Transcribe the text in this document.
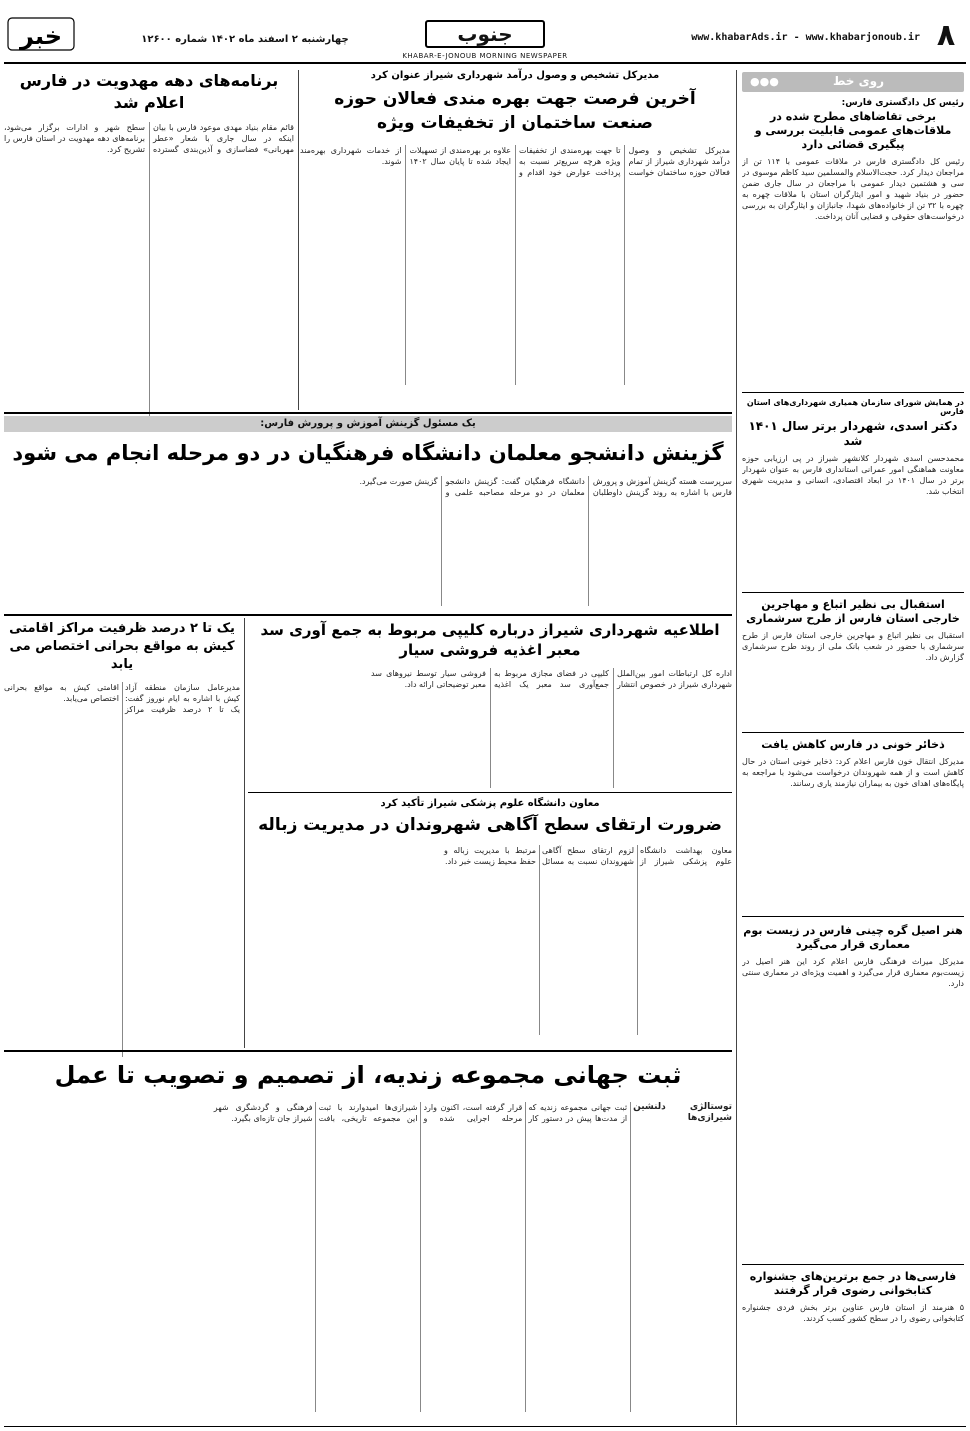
۸
www.khabarAds.ir - www.khabarjonoub.ir
جنوب
KHABAR-E-JONOUB MORNING NEWSPAPER
چهارشنبه ۲ اسفند ماه ۱۴۰۲ شماره ۱۲۶۰۰
خبر
روی خط
●●●
رئیس کل دادگستری فارس:
برخی تقاضاهای مطرح شده در ملاقات‌های عمومی قابلیت بررسی و پیگیری قضائی دارد
رئیس کل دادگستری فارس در ملاقات عمومی با ۱۱۴ تن از مراجعان دیدار کرد. حجت‌الاسلام والمسلمین سید کاظم موسوی در سی و هشتمین دیدار عمومی با مراجعان در سال جاری ضمن حضور در بنیاد شهید و امور ایثارگران استان با ملاقات چهره به چهره با ۳۲ تن از خانواده‌های شهدا، جانبازان و ایثارگران به بررسی درخواست‌های حقوقی و قضایی آنان پرداخت.
در همایش شورای سازمان همیاری شهرداری‌های استان فارس
دکتر اسدی، شهردار برتر سال ۱۴۰۱ شد
محمدحسن اسدی شهردار کلانشهر شیراز در پی ارزیابی حوزه معاونت هماهنگی امور عمرانی استانداری فارس به عنوان شهردار برتر در سال ۱۴۰۱ در ابعاد اقتصادی، انسانی و مدیریت شهری انتخاب شد.
استقبال بی نظیر اتباع و مهاجرین خارجی استان فارس از طرح سرشماری
استقبال بی نظیر اتباع و مهاجرین خارجی استان فارس از طرح سرشماری با حضور در شعب بانک ملی از روند طرح سرشماری گزارش داد.
ذخائر خونی در فارس کاهش یافت
مدیرکل انتقال خون فارس اعلام کرد: ذخایر خونی استان در حال کاهش است و از همه شهروندان درخواست می‌شود با مراجعه به پایگاه‌های اهدای خون به بیماران نیازمند یاری رسانند.
هنر اصیل گره چینی فارس در زیست بوم معماری قرار می‌گیرد
مدیرکل میراث فرهنگی فارس اعلام کرد این هنر اصیل در زیست‌بوم معماری قرار می‌گیرد و اهمیت ویژه‌ای در معماری سنتی دارد.
فارسی‌ها در جمع برترین‌های جشنواره کتابخوانی رضوی قرار گرفتند
۵ هنرمند از استان فارس عناوین برتر بخش فردی جشنواره کتابخوانی رضوی را در سطح کشور کسب کردند.
مدیرکل تشخیص و وصول درآمد شهرداری شیراز عنوان کرد
آخرین فرصت جهت بهره مندی فعالان حوزه صنعت ساختمان از تخفیفات ویژه
مدیرکل تشخیص و وصول درآمد شهرداری شیراز از تمام فعالان حوزه ساختمان خواست تا جهت بهره‌مندی از تخفیفات ویژه هرچه سریع‌تر نسبت به پرداخت عوارض خود اقدام و علاوه بر بهره‌مندی از تسهیلات ایجاد شده تا پایان سال ۱۴۰۲ از خدمات شهرداری بهره‌مند شوند.
برنامه‌های دهه مهدویت در فارس اعلام شد
قائم مقام بنیاد مهدی موعود فارس با بیان اینکه در سال جاری با شعار «عطر مهربانی» فضاسازی و آذین‌بندی گسترده سطح شهر و ادارات برگزار می‌شود، برنامه‌های دهه مهدویت در استان فارس را تشریح کرد.
یک مسئول گزینش آموزش و پرورش فارس:
گزینش دانشجو معلمان دانشگاه فرهنگیان در دو مرحله انجام می شود
سرپرست هسته گزینش آموزش و پرورش فارس با اشاره به روند گزینش داوطلبان دانشگاه فرهنگیان گفت: گزینش دانشجو معلمان در دو مرحله مصاحبه علمی و گزینش صورت می‌گیرد.
اطلاعیه شهرداری شیراز درباره کلیپی مربوط به جمع آوری سد معبر اغذیه فروشی سیار
اداره کل ارتباطات امور بین‌الملل شهرداری شیراز در خصوص انتشار کلیپی در فضای مجازی مربوط به جمع‌آوری سد معبر یک اغذیه فروشی سیار توسط نیروهای سد معبر توضیحاتی ارائه داد.
یک تا ۲ درصد ظرفیت مراکز اقامتی کیش به مواقع بحرانی اختصاص می یابد
مدیرعامل سازمان منطقه آزاد کیش با اشاره به ایام نوروز گفت: یک تا ۲ درصد ظرفیت مراکز اقامتی کیش به مواقع بحرانی اختصاص می‌یابد.
معاون دانشگاه علوم پزشکی شیراز تأکید کرد
ضرورت ارتقای سطح آگاهی شهروندان در مدیریت زباله
معاون بهداشت دانشگاه علوم پزشکی شیراز از لزوم ارتقای سطح آگاهی شهروندان نسبت به مسائل مرتبط با مدیریت زباله و حفظ محیط زیست خبر داد.
ثبت جهانی مجموعه زندیه، از تصمیم و تصویب تا عمل
توستالژی دلنشین شیرازی‌ها
ثبت جهانی مجموعه زندیه که از مدت‌ها پیش در دستور کار قرار گرفته است، اکنون وارد مرحله اجرایی شده و شیرازی‌ها امیدوارند با ثبت این مجموعه تاریخی، بافت فرهنگی و گردشگری شهر شیراز جان تازه‌ای بگیرد.
